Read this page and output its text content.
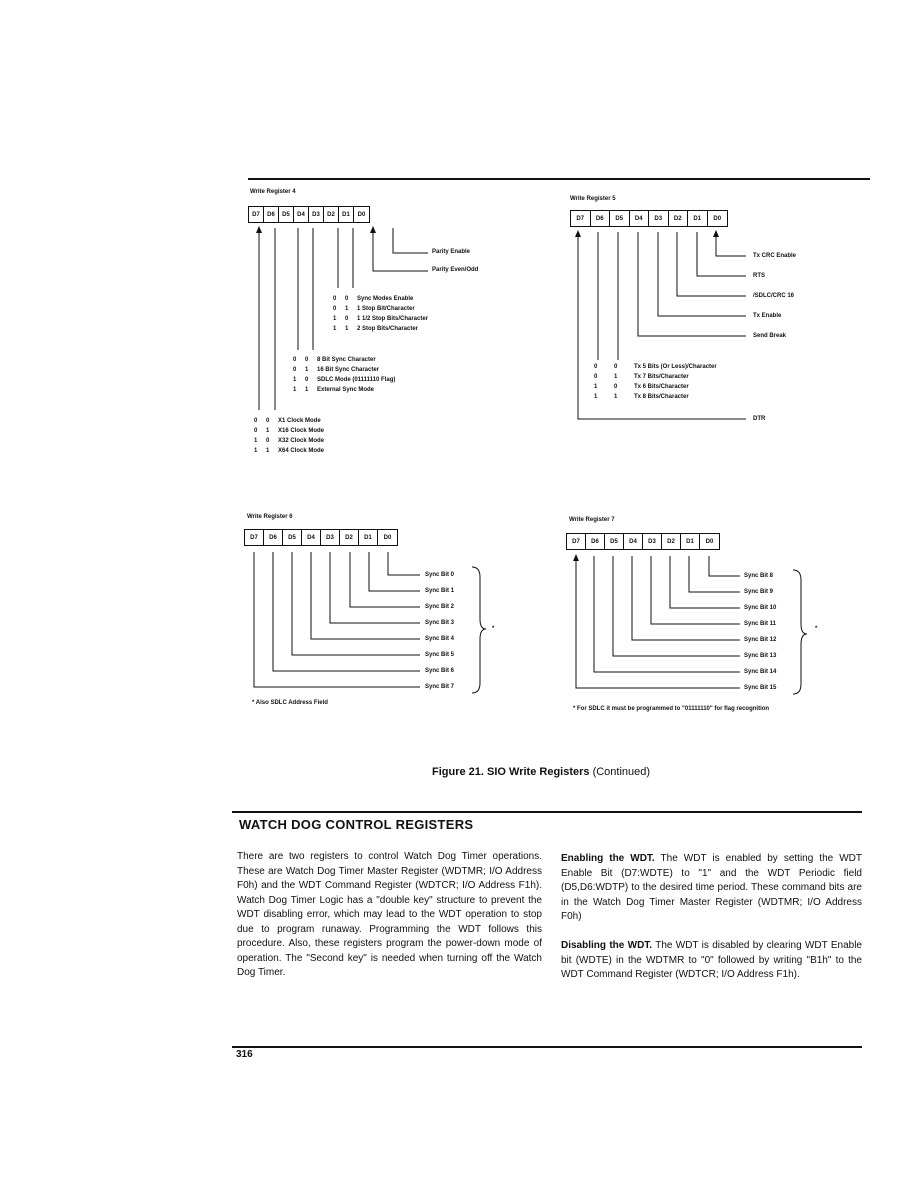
Write Register 4
D7	D6	D5	D4	D3	D2	D1	D0
Parity Enable
Parity Even/Odd
0 0 Sync Modes Enable
0 1 1 Stop Bit/Character
1 0 1 1/2 Stop Bits/Character
1 1 2 Stop Bits/Character
0 0 8 Bit Sync Character
0 1 16 Bit Sync Character
1 0 SDLC Mode (01111110 Flag)
1 1 External Sync Mode
0 0 X1 Clock Mode
0 1 X16 Clock Mode
1 0 X32 Clock Mode
1 1 X64 Clock Mode
Write Register 5
D7	D6	D5	D4	D3	D2	D1	D0
Tx CRC Enable
RTS
/SDLC/CRC 16
Tx Enable
Send Break
0	0	Tx 5 Bits (Or Less)/Character
0	1	Tx 7 Bits/Character
1	0	Tx 6 Bits/Character
1	1	Tx 8 Bits/Character
DTR
Write Register 6
D7	D6	D5	D4	D3	D2	D1	D0
Sync Bit 0
Sync Bit 1
Sync Bit 2
Sync Bit 3
Sync Bit 4
Sync Bit 5
Sync Bit 6
Sync Bit 7
*
* Also SDLC Address Field
Write Register 7
D7	D6	D5	D4	D3	D2	D1	D0
Sync Bit 8
Sync Bit 9
Sync Bit 10
Sync Bit 11
Sync Bit 12
Sync Bit 13
Sync Bit 14
Sync Bit 15
*
* For SDLC it must be programmed to "01111110" for flag recognition
Figure 21. SIO Write Registers (Continued)
WATCH DOG CONTROL REGISTERS

There are two registers to control Watch Dog Timer operations. These are Watch Dog Timer Master Register (WDTMR; I/O Address F0h) and the WDT Command Register (WDTCR; I/O Address F1h). Watch Dog Timer Logic has a "double key" structure to prevent the WDT disabling error, which may lead to the WDT operation to stop due to program runaway. Programming the WDT follows this procedure. Also, these registers program the power-down mode of operation. The "Second key" is needed when turning off the Watch Dog Timer.

Enabling the WDT. The WDT is enabled by setting the WDT Enable Bit (D7:WDTE) to "1" and the WDT Periodic field (D5,D6:WDTP) to the desired time period. These command bits are in the Watch Dog Timer Master Register (WDTMR; I/O Address F0h)

Disabling the WDT. The WDT is disabled by clearing WDT Enable bit (WDTE) in the WDTMR to "0" followed by writing "B1h" to the WDT Command Register (WDTCR; I/O Address F1h).

316
